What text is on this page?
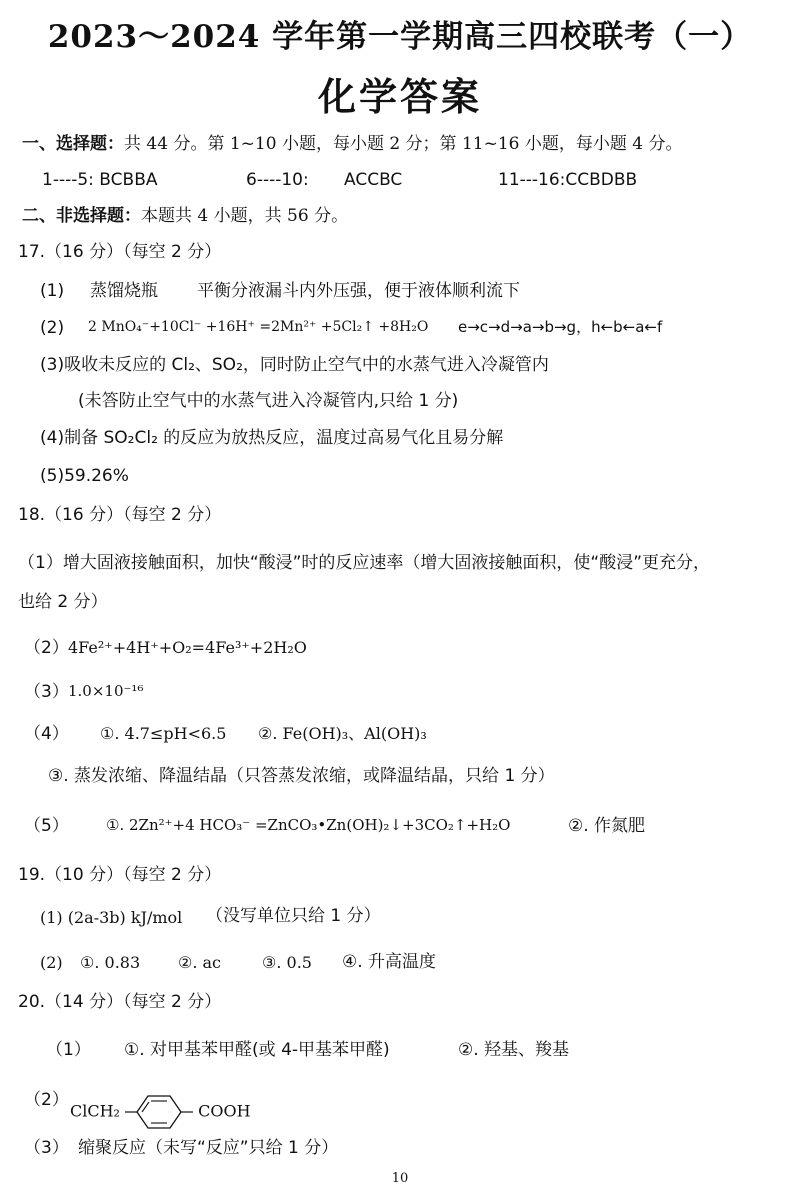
2023～2024 学年第一学期高三四校联考（一）
化学答案
一、选择题：共 44 分。第 1~10 小题，每小题 2 分；第 11~16 小题，每小题 4 分。
1----5: BCBBA	6----10: ACCBC	11---16:CCBDBB
二、非选择题：本题共 4 小题，共 56 分。
17.（16 分）（每空 2 分）
(1) 蒸馏烧瓶 平衡分液漏斗内外压强，便于液体顺利流下
(2) 2 MnO₄⁻+10Cl⁻ +16H⁺ =2Mn²⁺ +5Cl₂↑ +8H₂O e→c→d→a→b→g，h←b←a←f
(3)吸收未反应的 Cl₂、SO₂，同时防止空气中的水蒸气进入冷凝管内
(未答防止空气中的水蒸气进入冷凝管内,只给 1 分)
(4)制备 SO₂Cl₂ 的反应为放热反应，温度过高易气化且易分解
(5)59.26%
18.（16 分）（每空 2 分）
（1）增大固液接触面积，加快“酸浸”时的反应速率（增大固液接触面积，使“酸浸”更充分，
也给 2 分）
（2） 4Fe²⁺+4H⁺+O₂=4Fe³⁺+2H₂O
（3） 1.0×10⁻¹⁶
（4） ①. 4.7≤pH<6.5 ②. Fe(OH)₃、Al(OH)₃
③. 蒸发浓缩、降温结晶（只答蒸发浓缩，或降温结晶，只给 1 分）
（5） ①. 2Zn²⁺+4 HCO₃⁻ =ZnCO₃•Zn(OH)₂↓+3CO₂↑+H₂O	②. 作氮肥
19.（10 分）（每空 2 分）
(1) (2a-3b) kJ/mol （没写单位只给 1 分）
(2) ①. 0.83 ②. ac	③. 0.5 ④. 升高温度
20.（14 分）（每空 2 分）
（1） ①. 对甲基苯甲醛(或 4-甲基苯甲醛)	②. 羟基、羧基
（2）
ClCH₂	COOH
（3） 缩聚反应（未写“反应”只给 1 分）
10
